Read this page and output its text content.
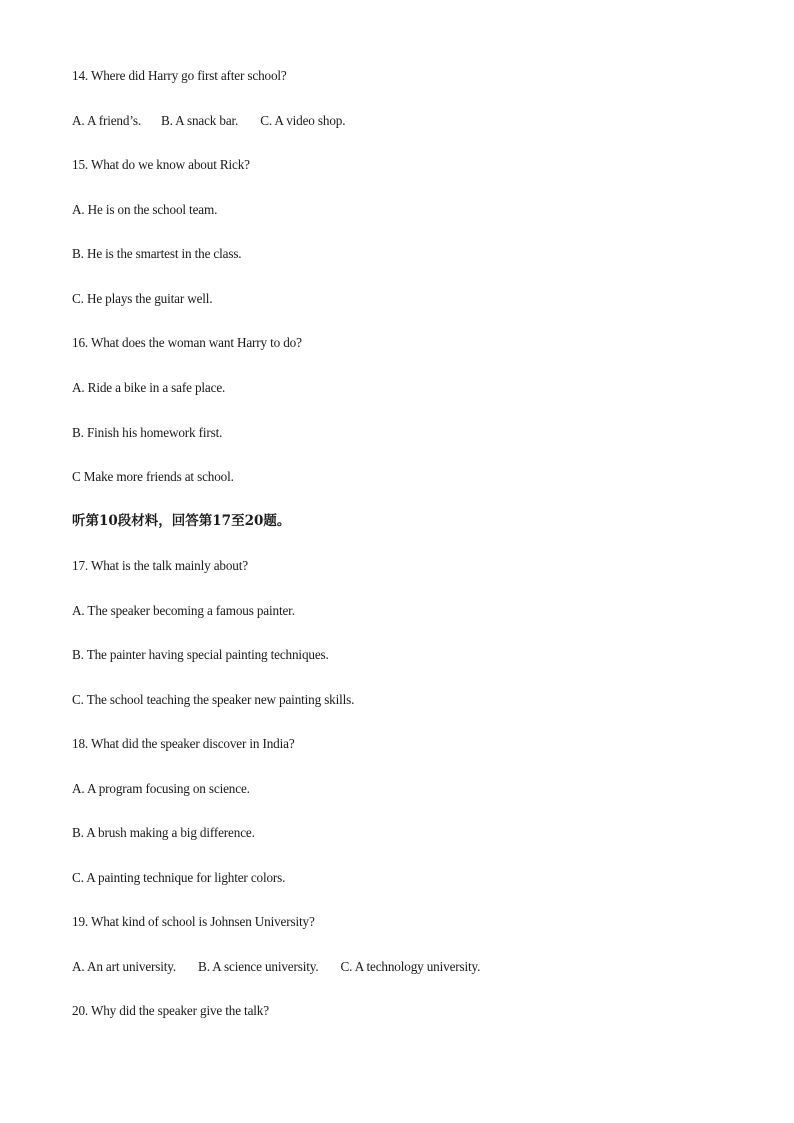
14. Where did Harry go first after school?
A. A friend’s. B. A snack bar. C. A video shop.
15. What do we know about Rick?
A. He is on the school team.
B. He is the smartest in the class.
C. He plays the guitar well.
16. What does the woman want Harry to do?
A. Ride a bike in a safe place.
B. Finish his homework first.
C Make more friends at school.
听第10段材料，回答第17至20题。
17. What is the talk mainly about?
A. The speaker becoming a famous painter.
B. The painter having special painting techniques.
C. The school teaching the speaker new painting skills.
18. What did the speaker discover in India?
A. A program focusing on science.
B. A brush making a big difference.
C. A painting technique for lighter colors.
19. What kind of school is Johnsen University?
A. An art university. B. A science university. C. A technology university.
20. Why did the speaker give the talk?
